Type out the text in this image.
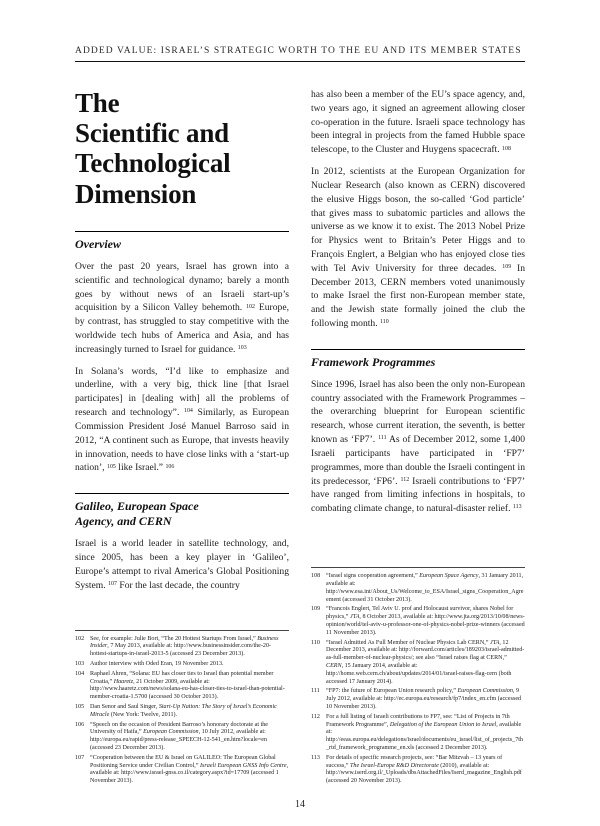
ADDED VALUE: ISRAEL’S STRATEGIC WORTH TO THE EU AND ITS MEMBER STATES
The
Scientific and
Technological
Dimension
Overview

Over the past 20 years, Israel has grown into a scientific and technological dynamo; barely a month goes by without news of an Israeli start-up’s acquisition by a Silicon Valley behemoth. $^{102}$ Europe, by contrast, has struggled to stay competitive with the worldwide tech hubs of America and Asia, and has increasingly turned to Israel for guidance. $^{103}$

In Solana’s words, “I’d like to emphasize and underline, with a very big, thick line [that Israel participates] in [dealing with] all the problems of research and technology”. $^{104}$ Similarly, as European Commission President José Manuel Barroso said in 2012, “A continent such as Europe, that invests heavily in innovation, needs to have close links with a ‘start-up nation’, $^{105}$ like Israel.” $^{106}$

Galileo, European Space
Agency, and CERN

Israel is a world leader in satellite technology, and, since 2005, has been a key player in ‘Galileo’, Europe’s attempt to rival America’s Global Positioning System. $^{107}$ For the last decade, the country

102 See, for example: Julie Bort, “The 20 Hottest Startups From Israel,” Business Insider, 7 May 2013, available at: http://www.businessinsider.com/the-20-hottest-startups-in-israel-2013-5 (accessed 23 December 2013).
103 Author interview with Oded Eran, 19 November 2013.
104 Raphael Ahren, “Solana: EU has closer ties to Israel than potential member Croatia,” Haaretz, 21 October 2009, available at: http://www.haaretz.com/news/solana-eu-has-closer-ties-to-israel-than-potential-member-croatia-1.5700 (accessed 30 October 2013).
105 Dan Senor and Saul Singer, Start-Up Nation: The Story of Israel’s Economic Miracle (New York: Twelve, 2011).
106 “Speech on the occasion of President Barroso’s honorary doctorate at the University of Haifa,” European Commission, 10 July 2012, available at: http://europa.eu/rapid/press-release_SPEECH-12-541_en.htm?locale=en (accessed 23 December 2013).
107 “Cooperation between the EU & Israel on GALILEO: The European Global Positioning Service under Civilian Control,” Israeli European GNSS Info Centre, available at: http://www.israel-gnss.co.il/category.aspx?id=17709 (accessed 1 November 2013).

has also been a member of the EU’s space agency, and, two years ago, it signed an agreement allowing closer co-operation in the future. Israeli space technology has been integral in projects from the famed Hubble space telescope, to the Cluster and Huygens spacecraft. $^{108}$

In 2012, scientists at the European Organization for Nuclear Research (also known as CERN) discovered the elusive Higgs boson, the so-called ‘God particle’ that gives mass to subatomic particles and allows the universe as we know it to exist. The 2013 Nobel Prize for Physics went to Britain’s Peter Higgs and to François Englert, a Belgian who has enjoyed close ties with Tel Aviv University for three decades. $^{109}$ In December 2013, CERN members voted unanimously to make Israel the first non-European member state, and the Jewish state formally joined the club the following month. $^{110}$

Framework Programmes

Since 1996, Israel has also been the only non-European country associated with the Framework Programmes – the overarching blueprint for European scientific research, whose current iteration, the seventh, is better known as ‘FP7’. $^{111}$ As of December 2012, some 1,400 Israeli participants have participated in ‘FP7’ programmes, more than double the Israeli contingent in its predecessor, ‘FP6’. $^{112}$ Israeli contributions to ‘FP7’ have ranged from limiting infections in hospitals, to combating climate change, to natural-disaster relief. $^{113}$

108 “Israel signs cooperation agreement,” European Space Agency, 31 January 2011, available at: http://www.esa.int/About_Us/Welcome_to_ESA/Israel_signs_Cooperation_Agreement (accessed 31 October 2013).
109 “Francois Englert, Tel Aviv U. prof and Holocaust survivor, shares Nobel for physics,” JTA, 8 October 2013, available at: http://www.jta.org/2013/10/08/news-opinion/world/tel-aviv-u-professor-one-of-physics-nobel-prize-winners (accessed 11 November 2013).
110 “Israel Admitted As Full Member of Nuclear Physics Lab CERN,” JTA, 12 December 2013, available at: http://forward.com/articles/189203/israel-admitted-as-full-member-of-nuclear-physics/; see also “Israel raises flag at CERN,” CERN, 15 January 2014, available at: http://home.web.cern.ch/about/updates/2014/01/israel-raises-flag-cern (both accessed 17 January 2014).
111	“FP7: the future of European Union research policy,” European Commission, 9 July 2012, available at: http://ec.europa.eu/research/fp7/index_en.cfm (accessed 10 November 2013).
112 For a full listing of Israeli contributions to FP7, see: “List of Projects in 7th Framework Programme”, Delegation of the European Union to Israel, available at: http://eeas.europa.eu/delegations/israel/documents/eu_israel/list_of_projects_7th_rtd_framework_programme_en.xls (accessed 2 December 2013).
113 For details of specific research projects, see: “Bar Mitzvah – 13 years of success,” The Israel-Europe R&D Directorate (2010), available at: http://www.iserd.org.il/_Uploads/dbsAttachedFiles/Iserd_magazine_English.pdf (accessed 20 November 2013).
14
